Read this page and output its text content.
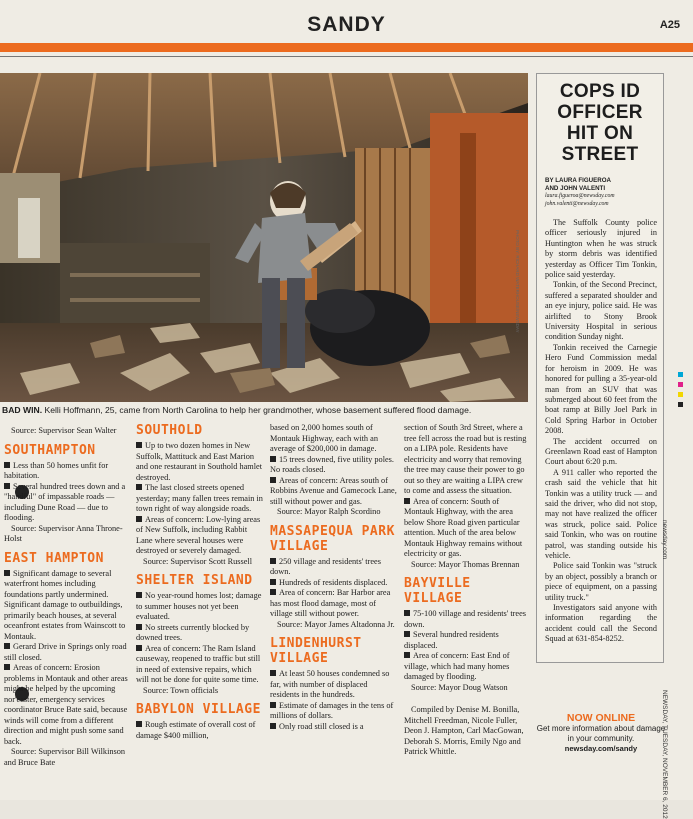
SANDY	A25
PHOTO BY: RICHARD WATERHOUSE/NEWSDAY
BAD WIN. Kelli Hoffmann, 25, came from North Carolina to help her grandmother, whose basement suffered flood damage.

Source: Supervisor Sean Walter

SOUTHAMPTON

Less than 50 homes unfit for habitation.

Several hundred trees down and a "handful" of impassable roads — including Dune Road — due to flooding.

Source: Supervisor Anna Throne-Holst

EAST HAMPTON

Significant damage to several waterfront homes including foundations partly undermined. Significant damage to outbuildings, primarily beach houses, at several oceanfront estates from Wainscott to Montauk.

Gerard Drive in Springs only road still closed.

Areas of concern: Erosion problems in Montauk and other areas might be helped by the upcoming nor'easter, emergency services coordinator Bruce Bate said, because winds will come from a different direction and might push some sand back.

Source: Supervisor Bill Wilkinson and Bruce Bate

SOUTHOLD

Up to two dozen homes in New Suffolk, Mattituck and East Marion and one restaurant in Southold hamlet destroyed.

The last closed streets opened yesterday; many fallen trees remain in town right of way alongside roads.

Areas of concern: Low-lying areas of New Suffolk, including Rabbit Lane where several houses were destroyed or severely damaged.

Source: Supervisor Scott Russell

SHELTER ISLAND

No year-round homes lost; damage to summer houses not yet been evaluated.

No streets currently blocked by downed trees.

Area of concern: The Ram Island causeway, reopened to traffic but still in need of extensive repairs, which will not be done for quite some time.

Source: Town officials

BABYLON VILLAGE

Rough estimate of overall cost of damage $400 million,

based on 2,000 homes south of Montauk Highway, each with an average of $200,000 in damage.

15 trees downed, five utility poles. No roads closed.

Areas of concern: Areas south of Robbins Avenue and Gamecock Lane, still without power and gas.

Source: Mayor Ralph Scordino

MASSAPEQUA PARK VILLAGE

250 village and residents' trees down.

Hundreds of residents displaced.

Area of concern: Bar Harbor area has most flood damage, most of village still without power.

Source: Mayor James Altadonna Jr.

LINDENHURST VILLAGE

At least 50 houses condemned so far, with number of displaced residents in the hundreds.

Estimate of damages in the tens of millions of dollars.

Only road still closed is a

section of South 3rd Street, where a tree fell across the road but is resting on a LIPA pole. Residents have electricity and worry that removing the tree may cause their power to go out so they are waiting a LIPA crew to come and assess the situation.

Area of concern: South of Montauk Highway, with the area below Shore Road given particular attention. Much of the area below Montauk Highway remains without electricity or gas.

Source: Mayor Thomas Brennan

BAYVILLE VILLAGE

75-100 village and residents' trees down.

Several hundred residents displaced.

Area of concern: East End of village, which had many homes damaged by flooding.

Source: Mayor Doug Watson

Compiled by Denise M. Bonilla, Mitchell Freedman, Nicole Fuller, Deon J. Hampton, Carl MacGowan, Deborah S. Morris, Emily Ngo and Patrick Whittle.

COPS ID OFFICER HIT ON STREET
BY LAURA FIGUEROA
AND JOHN VALENTI
laura.figueroa@newsday.com
john.valenti@newsday.com

The Suffolk County police officer seriously injured in Huntington when he was struck by storm debris was identified yesterday as Officer Tim Tonkin, police said yesterday.

Tonkin, of the Second Precinct, suffered a separated shoulder and an eye injury, police said. He was airlifted to Stony Brook University Hospital in serious condition Sunday night.

Tonkin received the Carnegie Hero Fund Commission medal for heroism in 2009. He was honored for pulling a 35-year-old man from an SUV that was submerged about 60 feet from the boat ramp at Billy Joel Park in Cold Spring Harbor in October 2008.

The accident occurred on Greenlawn Road east of Hampton Court about 6:20 p.m.

A 911 caller who reported the crash said the vehicle that hit Tonkin was a utility truck — and said the driver, who did not stop, may not have realized the officer was struck, police said. Police said Tonkin, who was on routine patrol, was standing outside his vehicle.

Police said Tonkin was "struck by an object, possibly a branch or piece of equipment, on a passing utility truck."

Investigators said anyone with information regarding the accident could call the Second Squad at 631-854-8252.

NOW ONLINE
Get more information about damage in your community.
newsday.com/sandy
newsday.com
NEWSDAY, TUESDAY, NOVEMBER 6, 2012
